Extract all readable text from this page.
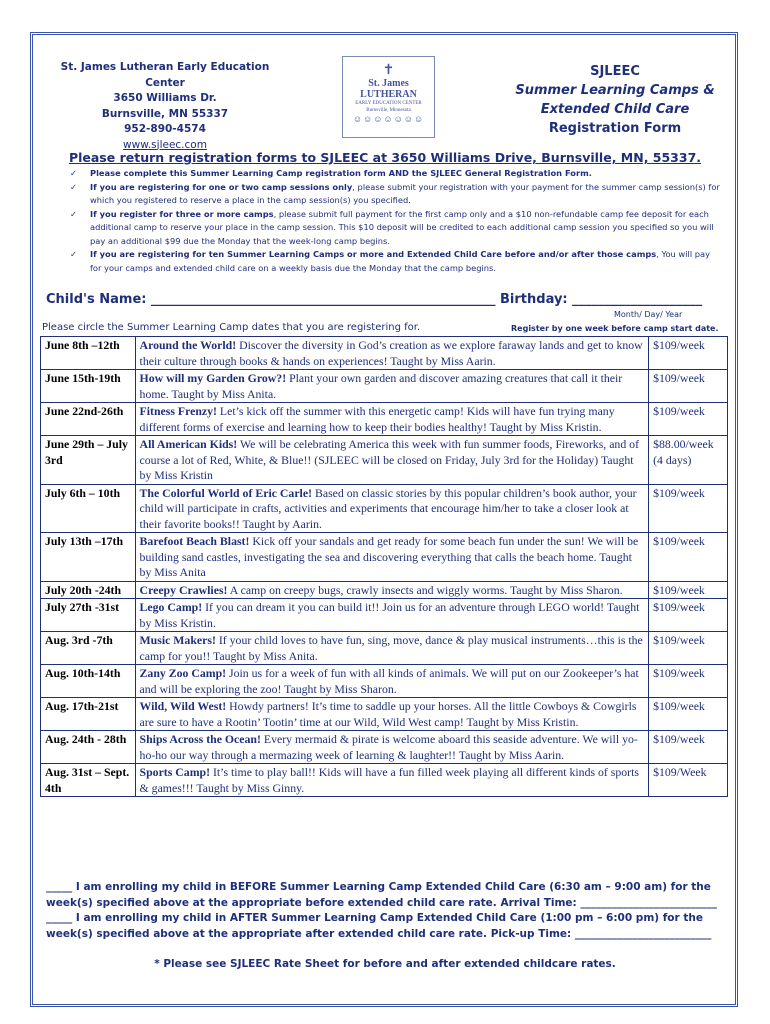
St. James Lutheran Early Education
Center
3650 Williams Dr.
Burnsville, MN 55337
952-890-4574
www.sjleec.com
✝
St. James LUTHERAN
EARLY EDUCATION CENTER
Burnsville, Minnesota
☺☺☺☺☺☺☺
SJLEEC
Summer Learning Camps &
Extended Child Care
Registration Form
Please return registration forms to SJLEEC at 3650 Williams Drive, Burnsville, MN, 55337.
✓ Please complete this Summer Learning Camp registration form AND the SJLEEC General Registration Form.
✓ If you are registering for one or two camp sessions only, please submit your registration with your payment for the summer camp session(s) for which you registered to reserve a place in the camp session(s) you specified.
✓ If you register for three or more camps, please submit full payment for the first camp only and a $10 non-refundable camp fee deposit for each additional camp to reserve your place in the camp session. This $10 deposit will be credited to each additional camp session you specified so you will pay an additional $99 due the Monday that the week-long camp begins.
✓ If you are registering for ten Summer Learning Camps or more and Extended Child Care before and/or after those camps, You will pay for your camps and extended child care on a weekly basis due the Monday that the camp begins.
Child's Name: _____________________________________________________ Birthday: ____________________
Month/ Day/ Year
Please circle the Summer Learning Camp dates that you are registering for.	Register by one week before camp start date.
June 8th –12th	Around the World! Discover the diversity in God’s creation as we explore faraway lands and get to know their culture through books & hands on experiences! Taught by Miss Aarin.	$109/week
June 15th-19th	How will my Garden Grow?! Plant your own garden and discover amazing creatures that call it their home. Taught by Miss Anita.	$109/week
June 22nd-26th	Fitness Frenzy! Let’s kick off the summer with this energetic camp! Kids will have fun trying many different forms of exercise and learning how to keep their bodies healthy! Taught by Miss Kristin.	$109/week
June 29th – July 3rd	All American Kids! We will be celebrating America this week with fun summer foods, Fireworks, and of course a lot of Red, White, & Blue!! (SJLEEC will be closed on Friday, July 3rd for the Holiday) Taught by Miss Kristin	$88.00/week (4 days)
July 6th – 10th	The Colorful World of Eric Carle! Based on classic stories by this popular children’s book author, your child will participate in crafts, activities and experiments that encourage him/her to take a closer look at their favorite books!! Taught by Aarin.	$109/week
July 13th –17th	Barefoot Beach Blast! Kick off your sandals and get ready for some beach fun under the sun! We will be building sand castles, investigating the sea and discovering everything that calls the beach home. Taught by Miss Anita	$109/week
July 20th -24th	Creepy Crawlies! A camp on creepy bugs, crawly insects and wiggly worms. Taught by Miss Sharon.	$109/week
July 27th -31st	Lego Camp! If you can dream it you can build it!! Join us for an adventure through LEGO world! Taught by Miss Kristin.	$109/week
Aug. 3rd -7th	Music Makers! If your child loves to have fun, sing, move, dance & play musical instruments…this is the camp for you!! Taught by Miss Anita.	$109/week
Aug. 10th-14th	Zany Zoo Camp! Join us for a week of fun with all kinds of animals. We will put on our Zookeeper’s hat and will be exploring the zoo! Taught by Miss Sharon.	$109/week
Aug. 17th-21st	Wild, Wild West! Howdy partners! It’s time to saddle up your horses. All the little Cowboys & Cowgirls are sure to have a Rootin’ Tootin’ time at our Wild, Wild West camp! Taught by Miss Kristin.	$109/week
Aug. 24th - 28th	Ships Across the Ocean! Every mermaid & pirate is welcome aboard this seaside adventure. We will yo-ho-ho our way through a mermazing week of learning & laughter!! Taught by Miss Aarin.	$109/week
Aug. 31st – Sept. 4th	Sports Camp! It’s time to play ball!! Kids will have a fun filled week playing all different kinds of sports & games!!! Taught by Miss Ginny.	$109/Week
_____ I am enrolling my child in BEFORE Summer Learning Camp Extended Child Care (6:30 am – 9:00 am) for the
week(s) specified above at the appropriate before extended child care rate. Arrival Time: __________________________
_____ I am enrolling my child in AFTER Summer Learning Camp Extended Child Care (1:00 pm – 6:00 pm) for the
week(s) specified above at the appropriate after extended child care rate. Pick-up Time: __________________________
* Please see SJLEEC Rate Sheet for before and after extended childcare rates.
